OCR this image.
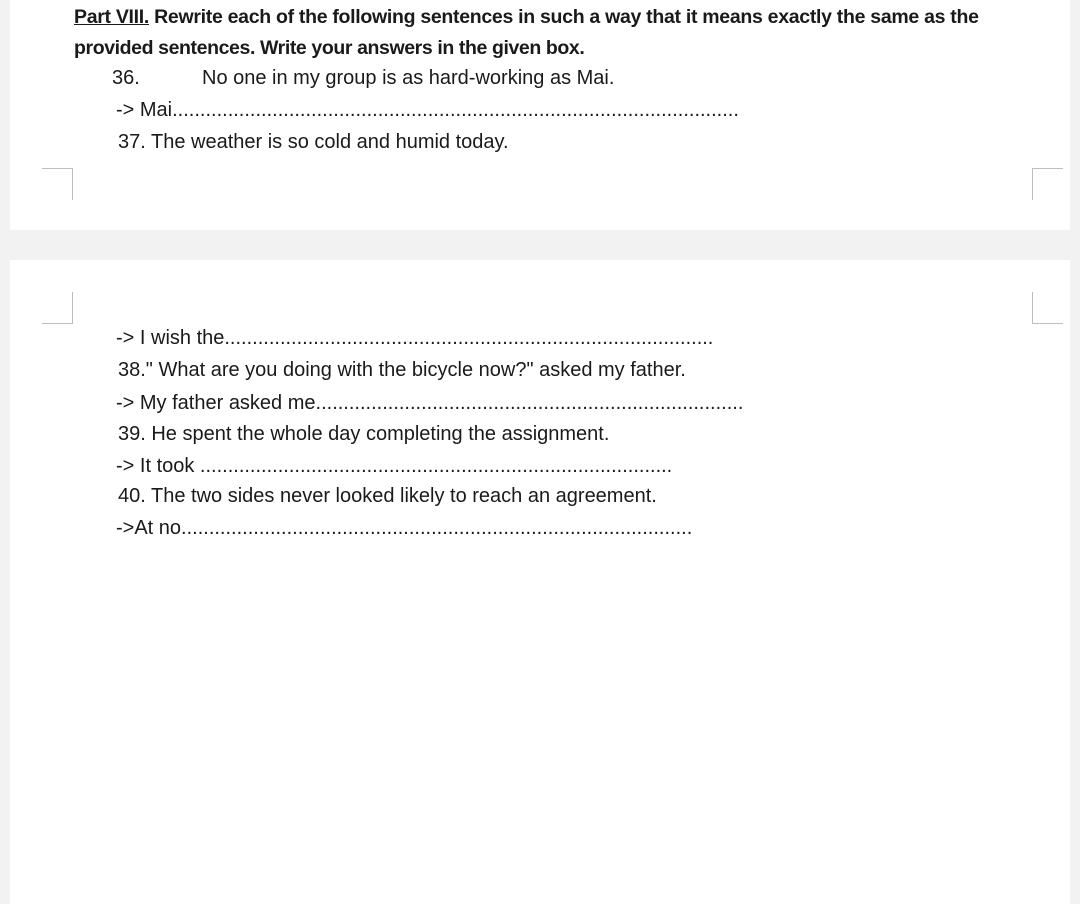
Part VIII. Rewrite each of the following sentences in such a way that it means exactly the same as the
provided sentences. Write your answers in the given box.
36.	No one in my group is as hard-working as Mai.
-> Mai......................................................................................................
37. The weather is so cold and humid today.
-> I wish the........................................................................................
38." What are you doing with the bicycle now?" asked my father.
-> My father asked me.............................................................................
39. He spent the whole day completing the assignment.
-> It took .....................................................................................
40. The two sides never looked likely to reach an agreement.
->At no............................................................................................
